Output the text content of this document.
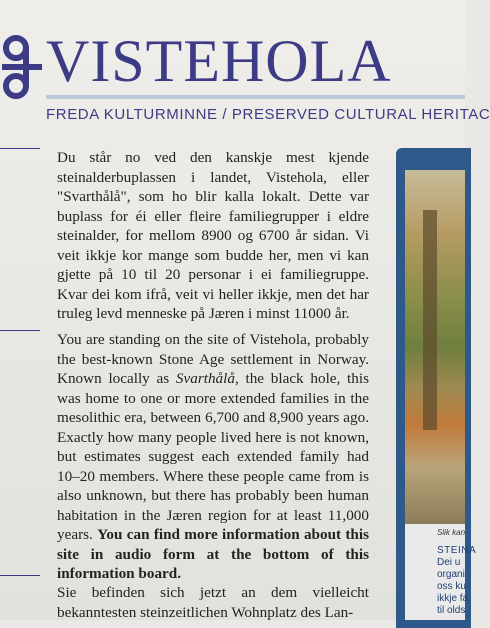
VISTEHOLA
FREDA KULTURMINNE / PRESERVED CULTURAL HERITAC

Du står no ved den kanskje mest kjende steinalderbuplassen i landet, Vistehola, eller "Svarthålå", som ho blir kalla lokalt. Dette var buplass for éi eller fleire familiegrupper i eldre steinalder, for mellom 8900 og 6700 år sidan. Vi veit ikkje kor mange som budde her, men vi kan gjette på 10 til 20 personar i ei familiegruppe. Kvar dei kom ifrå, veit vi heller ikkje, men det har truleg levd menneske på Jæren i minst 11000 år.

You are standing on the site of Vistehola, probably the best-known Stone Age settlement in Norway. Known locally as Svarthålå, the black hole, this was home to one or more extended families in the mesolithic era, between 6,700 and 8,900 years ago. Exactly how many people lived here is not known, but estimates suggest each extended family had 10–20 members. Where these people came from is also unknown, but there has probably been human habitation in the Jæren region for at least 11,000 years. You can find more information about this site in audio form at the bottom of this information board.

Sie befinden sich jetzt an dem vielleicht bekanntesten steinzeitlichen Wohnplatz des Lan-

Slik kan
STEINA
Dei u
organi
oss ku
ikkje fa
til olds
